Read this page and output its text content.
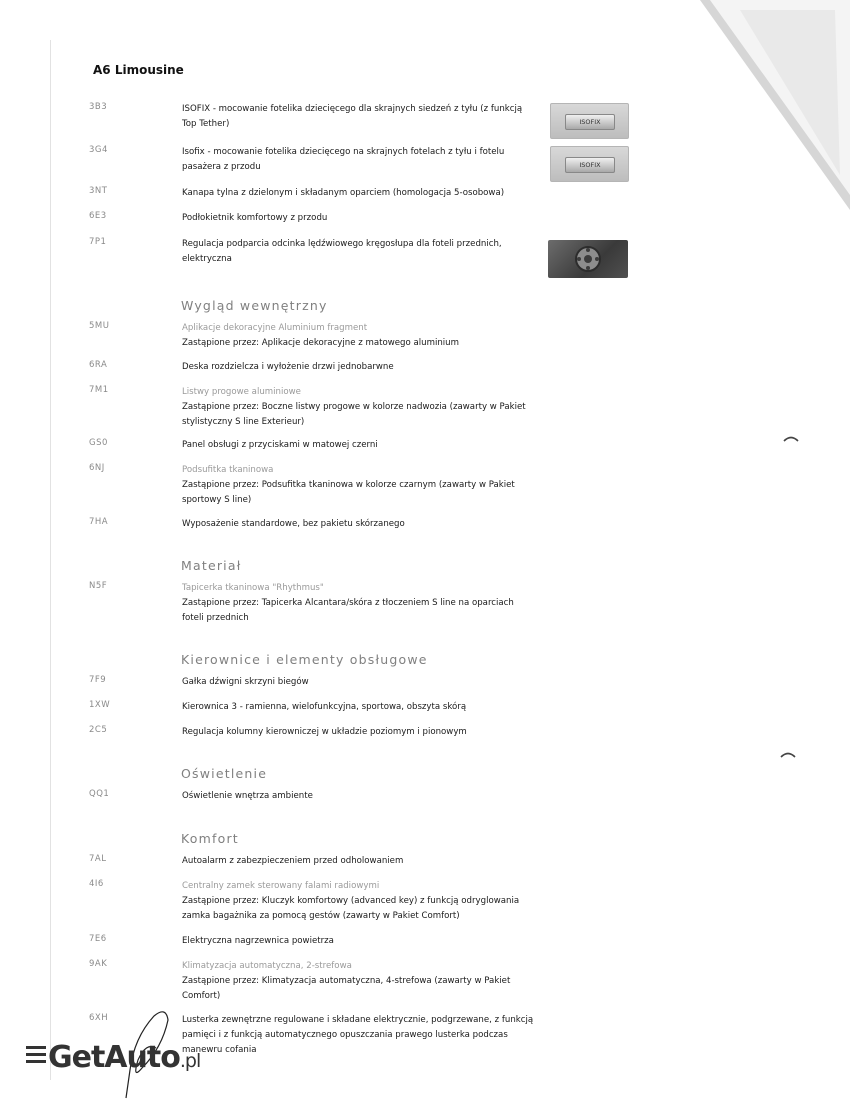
A6 Limousine
3B3	ISOFIX - mocowanie fotelika dziecięcego dla skrajnych siedzeń z tyłu (z funkcją Top Tether)	ISOFIX
3G4	Isofix - mocowanie fotelika dziecięcego na skrajnych fotelach z tyłu i fotelu pasażera z przodu	ISOFIX
3NT	Kanapa tylna z dzielonym i składanym oparciem (homologacja 5-osobowa)
6E3	Podłokietnik komfortowy z przodu
7P1	Regulacja podparcia odcinka lędźwiowego kręgosłupa dla foteli przednich, elektryczna
Wygląd wewnętrzny
5MU	Aplikacje dekoracyjne Aluminium fragment
Zastąpione przez: Aplikacje dekoracyjne z matowego aluminium
6RA	Deska rozdzielcza i wyłożenie drzwi jednobarwne
7M1	Listwy progowe aluminiowe
Zastąpione przez: Boczne listwy progowe w kolorze nadwozia (zawarty w Pakiet stylistyczny S line Exterieur)
GS0	Panel obsługi z przyciskami w matowej czerni
6NJ	Podsufitka tkaninowa
Zastąpione przez: Podsufitka tkaninowa w kolorze czarnym (zawarty w Pakiet sportowy S line)
7HA	Wyposażenie standardowe, bez pakietu skórzanego
Materiał
N5F	Tapicerka tkaninowa "Rhythmus"
Zastąpione przez: Tapicerka Alcantara/skóra z tłoczeniem S line na oparciach foteli przednich
Kierownice i elementy obsługowe
7F9	Gałka dźwigni skrzyni biegów
1XW	Kierownica 3 - ramienna, wielofunkcyjna, sportowa, obszyta skórą
2C5	Regulacja kolumny kierowniczej w układzie poziomym i pionowym
Oświetlenie
QQ1	Oświetlenie wnętrza ambiente
Komfort
7AL	Autoalarm z zabezpieczeniem przed odholowaniem
4I6	Centralny zamek sterowany falami radiowymi
Zastąpione przez: Kluczyk komfortowy (advanced key) z funkcją odryglowania zamka bagażnika za pomocą gestów (zawarty w Pakiet Comfort)
7E6	Elektryczna nagrzewnica powietrza
9AK	Klimatyzacja automatyczna, 2-strefowa
Zastąpione przez: Klimatyzacja automatyczna, 4-strefowa (zawarty w Pakiet Comfort)
6XH	Lusterka zewnętrzne regulowane i składane elektrycznie, podgrzewane, z funkcją pamięci i z funkcją automatycznego opuszczania prawego lusterka podczas manewru cofania
GetAuto .pl
